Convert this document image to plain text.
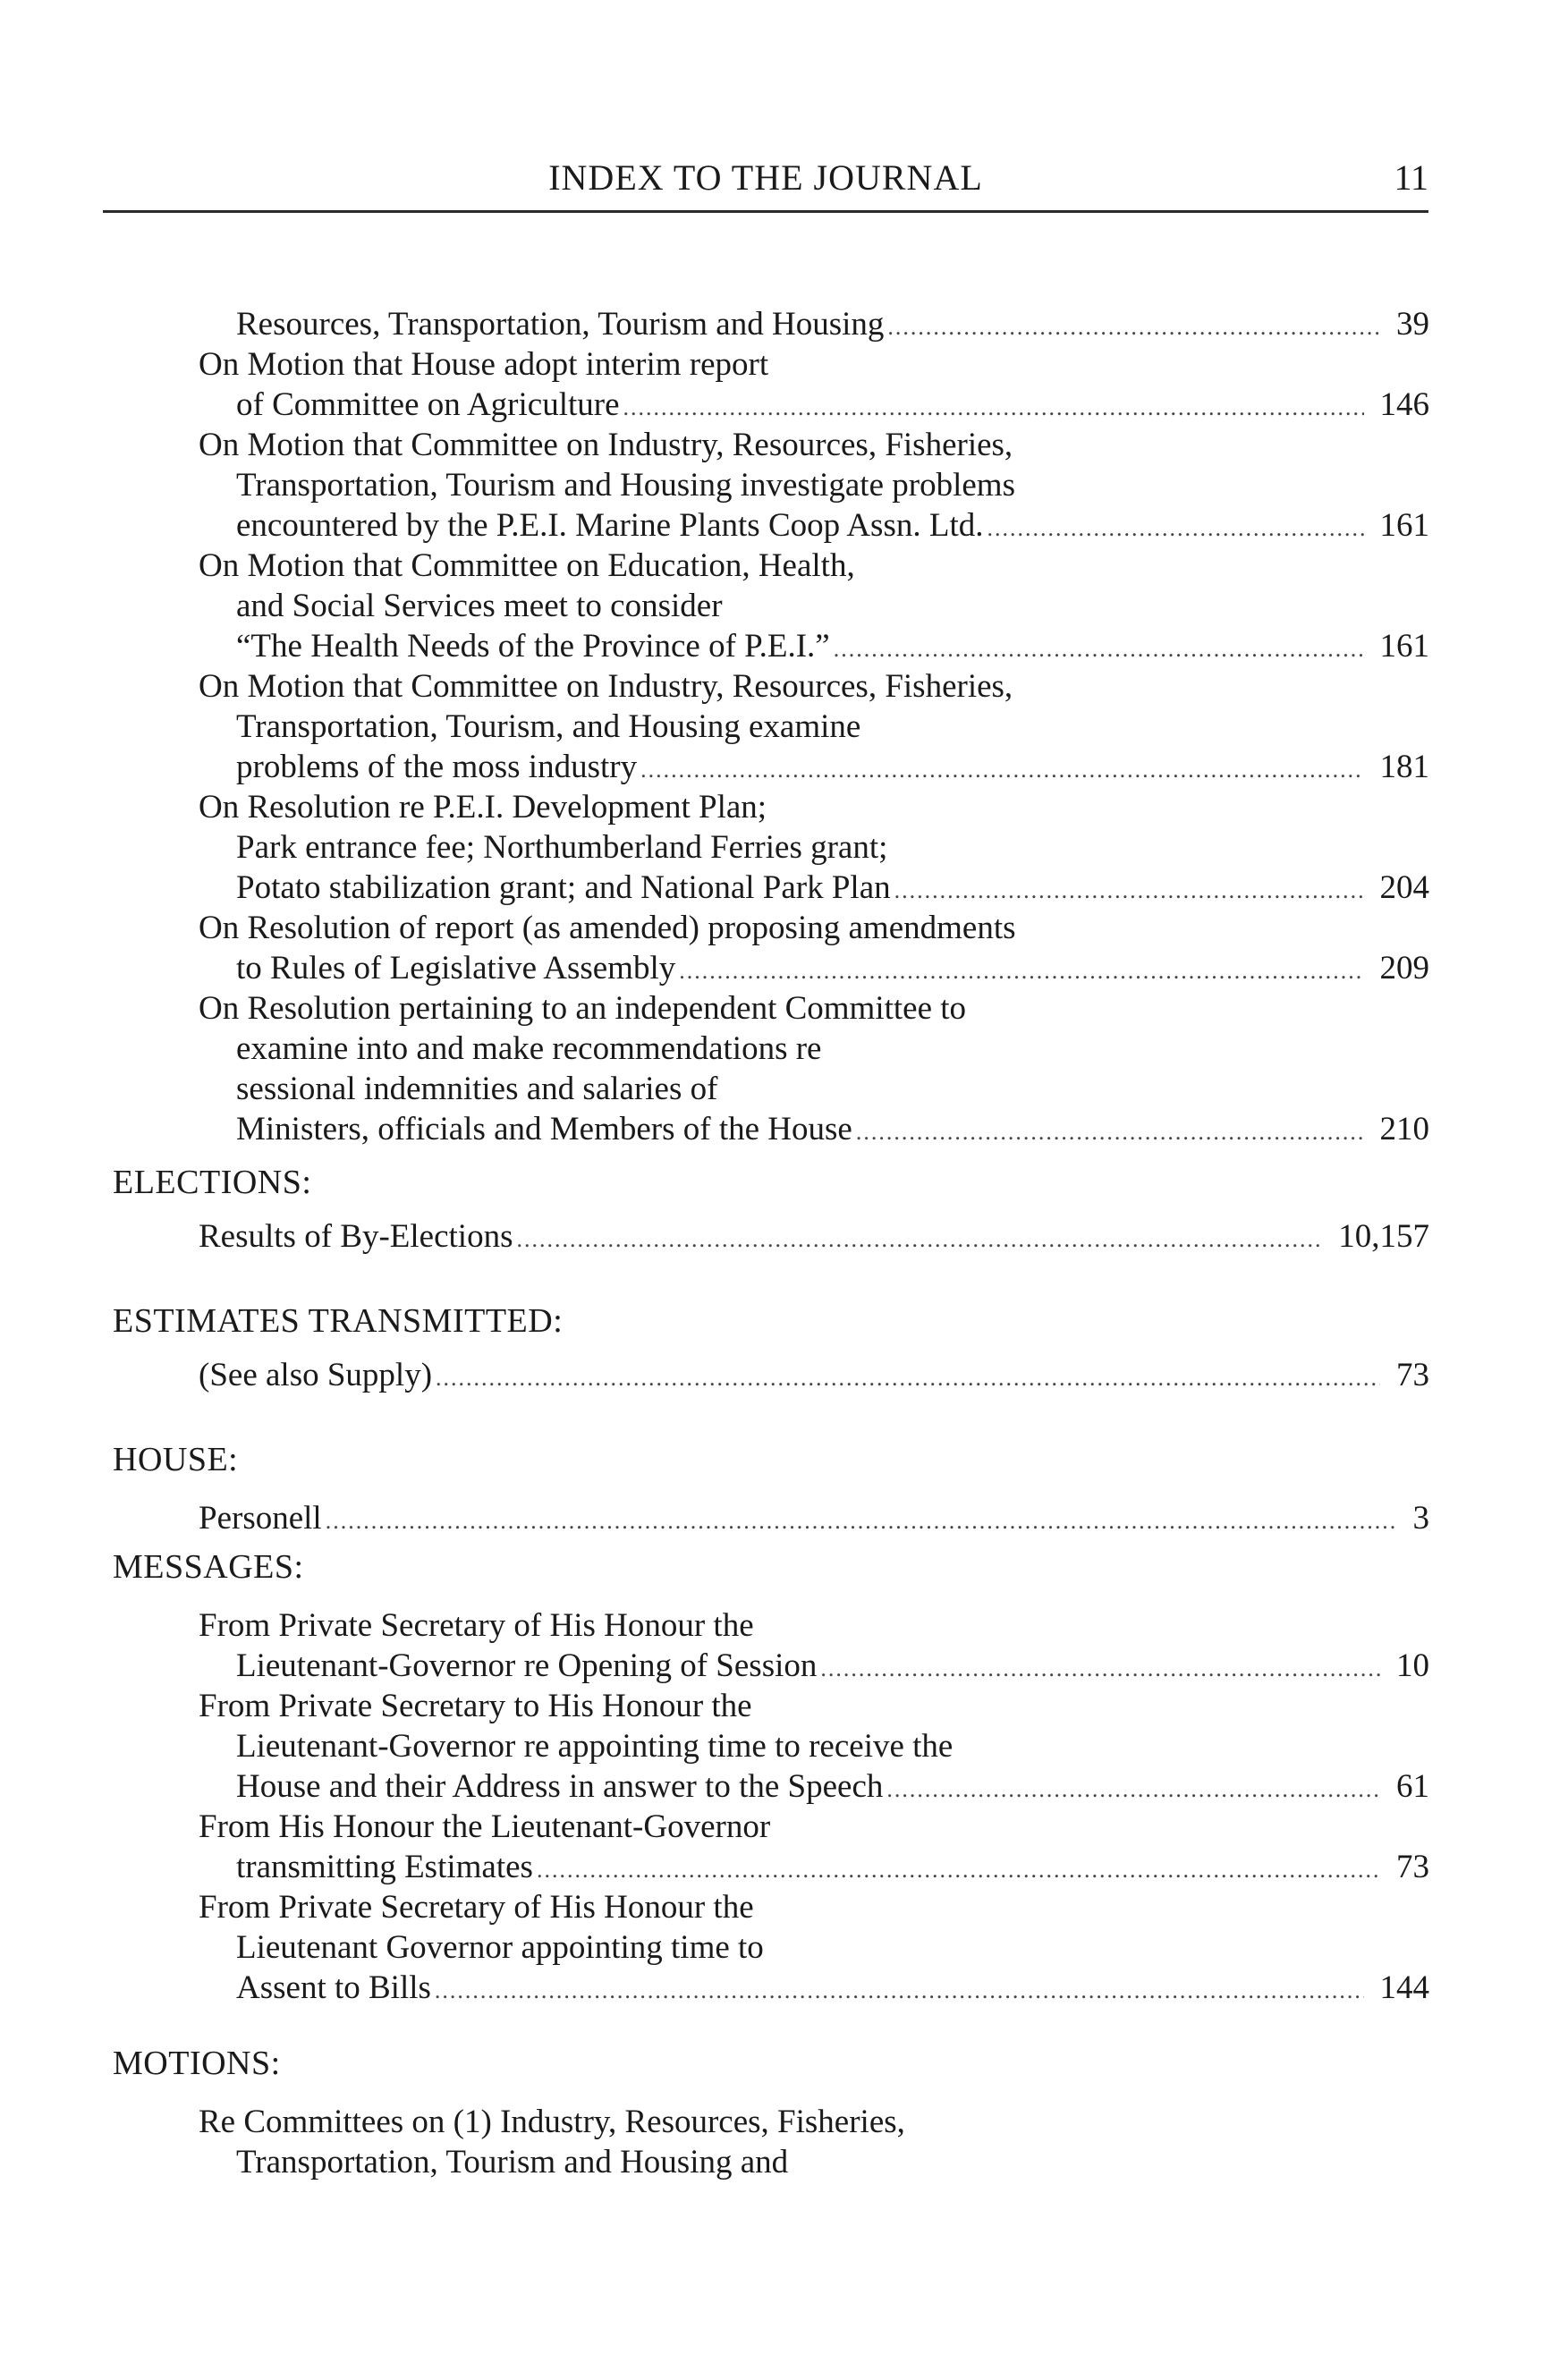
INDEX TO THE JOURNAL	11
Resources, Transportation, Tourism and Housing .....	39
On Motion that House adopt interim report
of Committee on Agriculture .....	146
On Motion that Committee on Industry, Resources, Fisheries,
Transportation, Tourism and Housing investigate problems
encountered by the P.E.I. Marine Plants Coop Assn. Ltd. .....	161
On Motion that Committee on Education, Health,
and Social Services meet to consider
“The Health Needs of the Province of P.E.I.” .....	161
On Motion that Committee on Industry, Resources, Fisheries,
Transportation, Tourism, and Housing examine
problems of the moss industry .....	181
On Resolution re P.E.I. Development Plan;
Park entrance fee; Northumberland Ferries grant;
Potato stabilization grant; and National Park Plan .....	204
On Resolution of report (as amended) proposing amendments
to Rules of Legislative Assembly .....	209
On Resolution pertaining to an independent Committee to
examine into and make recommendations re
sessional indemnities and salaries of
Ministers, officials and Members of the House .....	210
ELECTIONS:
Results of By-Elections .....	10,157
ESTIMATES TRANSMITTED:
(See also Supply) .....	73
HOUSE:
Personell .....	3
MESSAGES:
From Private Secretary of His Honour the
Lieutenant-Governor re Opening of Session .....	10
From Private Secretary to His Honour the
Lieutenant-Governor re appointing time to receive the
House and their Address in answer to the Speech .....	61
From His Honour the Lieutenant-Governor
transmitting Estimates .....	73
From Private Secretary of His Honour the
Lieutenant Governor appointing time to
Assent to Bills .....	144
MOTIONS:
Re Committees on (1) Industry, Resources, Fisheries,
Transportation, Tourism and Housing and
